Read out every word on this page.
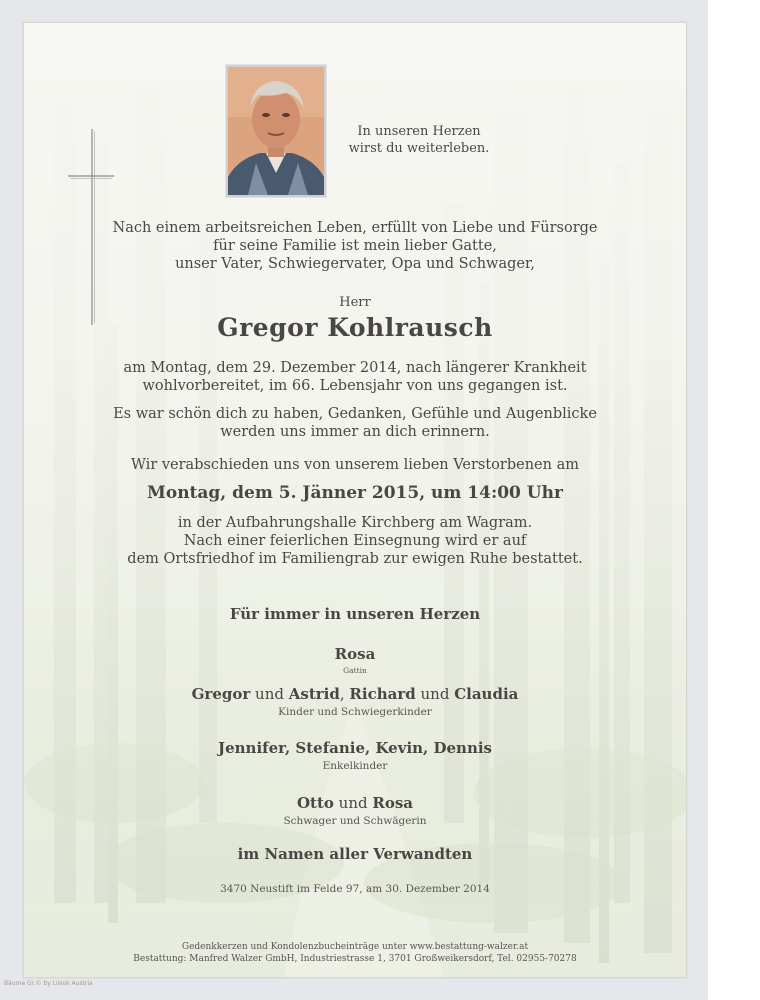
In unseren Herzen
wirst du weiterleben.
Nach einem arbeitsreichen Leben, erfüllt von Liebe und Fürsorge
für seine Familie ist mein lieber Gatte,
unser Vater, Schwiegervater, Opa und Schwager,
Herr
Gregor Kohlrausch
am Montag, dem 29. Dezember 2014, nach längerer Krankheit
wohlvorbereitet, im 66. Lebensjahr von uns gegangen ist.
Es war schön dich zu haben, Gedanken, Gefühle und Augenblicke
werden uns immer an dich erinnern.
Wir verabschieden uns von unserem lieben Verstorbenen am
Montag, dem 5. Jänner 2015, um 14:00 Uhr
in der Aufbahrungshalle Kirchberg am Wagram.
Nach einer feierlichen Einsegnung wird er auf
dem Ortsfriedhof im Familiengrab zur ewigen Ruhe bestattet.
Für immer in unseren Herzen
Rosa
Gattin
Gregor und Astrid, Richard und Claudia
Kinder und Schwiegerkinder
Jennifer, Stefanie, Kevin, Dennis
Enkelkinder
Otto und Rosa
Schwager und Schwägerin
im Namen aller Verwandten
3470 Neustift im Felde 97, am 30. Dezember 2014
Gedenkkerzen und Kondolenzbucheinträge unter www.bestattung-walzer.at
Bestattung: Manfred Walzer GmbH, Industriestrasse 1, 3701 Großweikersdorf, Tel. 02955-70278
Bäume Gr.© by Lisiok Austria
